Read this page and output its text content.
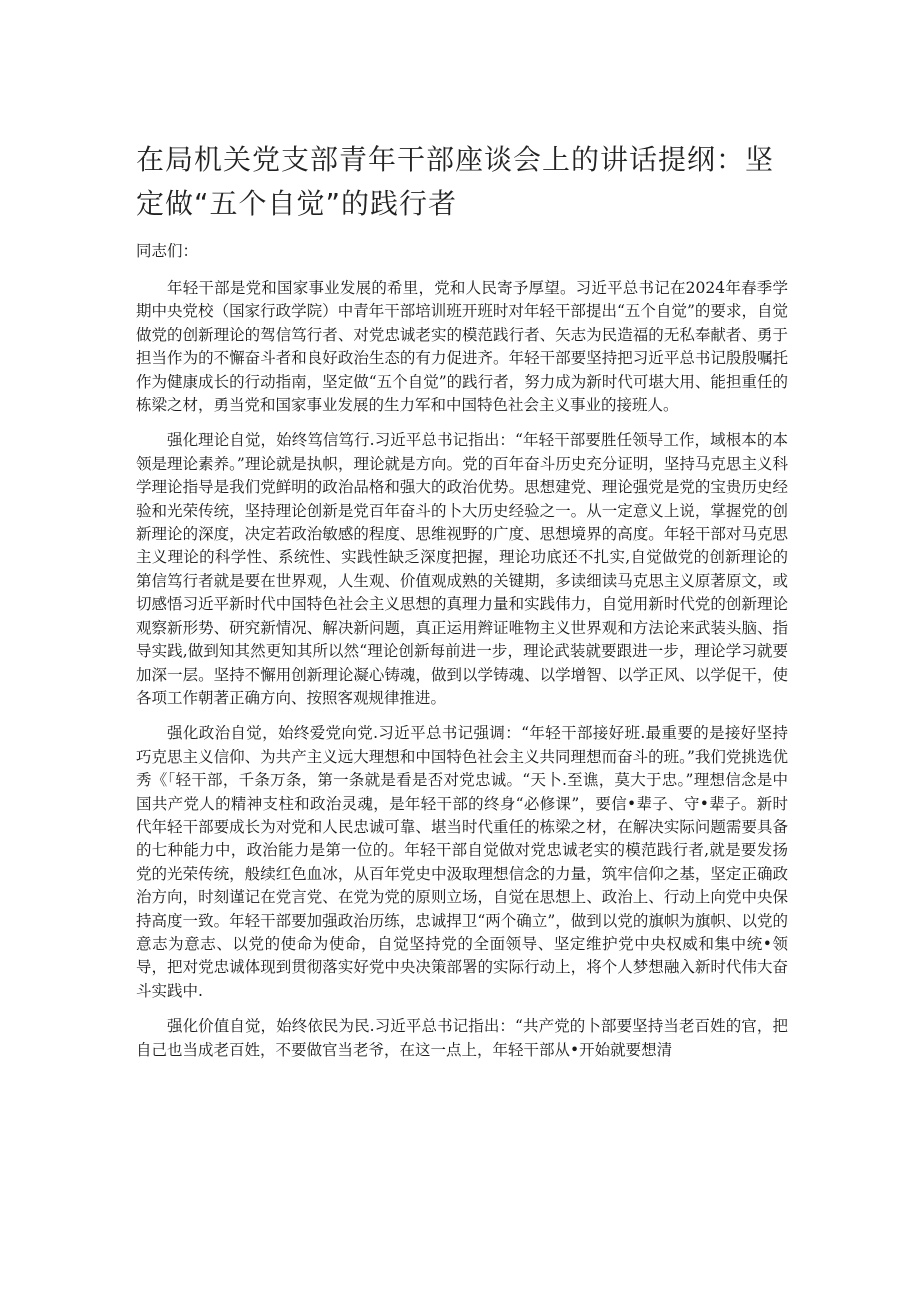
在局机关党支部青年干部座谈会上的讲话提纲：坚定做“五个自觉”的践行者

同志们：

年轻干部是党和国家事业发展的希里，党和人民寄予厚望。习近平总书记在2024年春季学期中央党校（国家行政学院）中青年干部培训班开班时对年轻干部提出“五个自觉”的要求，自觉做党的创新理论的驾信笃行者、对党忠诚老实的模范践行者、矢志为民造福的无私奉献者、勇于担当作为的不懈奋斗者和良好政治生态的有力促进齐。年轻干部要坚持把习近平总书记殷殷嘱托作为健康成长的行动指南，坚定做“五个自觉”的践行者，努力成为新时代可堪大用、能担重任的栋梁之材，勇当党和国家事业发展的生力军和中国特色社会主义事业的接班人。

强化理论自觉，始终笃信笃行.习近平总书记指出：“年轻干部要胜任领导工作，域根本的本领是理论素养。”理论就是执帜，理论就是方向。党的百年奋斗历史充分证明，坚持马克思主义科学理论指导是我们党鲜明的政治品格和强大的政治优势。思想建党、理论强党是党的宝贵历史经验和光荣传统，坚持理论创新是党百年奋斗的卜大历史经验之一。从一定意义上说，掌握党的创新理论的深度，决定若政治敏感的程度、思维视野的广度、思想境界的高度。年轻干部对马克思主义理论的科学性、系统性、实践性缺乏深度把握，理论功底还不扎实,自觉做党的创新理论的第信笃行者就是要在世界观，人生观、价值观成熟的关键期，多读细读马克思主义原著原文，或切感悟习近平新时代中国特色社会主义思想的真理力量和实践伟力，自觉用新时代党的创新理论观察新形势、研究新情况、解决新问题，真正运用辫证唯物主义世界观和方法论来武装头脑、指导实践,做到知其然更知其所以然“理论创新每前进一步，理论武装就要跟进一步，理论学习就要加深一层。坚持不懈用创新理论凝心铸魂，做到以学铸魂、以学增智、以学正风、以学促干，使各项工作朝著正确方向、按照客观规律推进。

强化政治自觉，始终爱党向党.习近平总书记强调：“年轻干部接好班.最重要的是接好坚持巧克思主义信仰、为共产主义远大理想和中国特色社会主义共同理想而奋斗的班。”我们党挑选优秀《「轻干部，千条万条，第一条就是看是否对党忠诚。“天卜.至谯，莫大于忠。”理想信念是中国共产党人的精神支柱和政治灵魂，是年轻干部的终身“必修课”，要信•辈子、守•辈子。新时代年轻干部要成长为对党和人民忠诚可靠、堪当时代重任的栋梁之材，在解决实际问题需要具备的七种能力中，政治能力是第一位的。年轻干部自觉做对党忠诚老实的模范践行者,就是要发扬党的光荣传统，般续红色血冰，从百年党史中汲取理想信念的力量，筑牢信仰之基，坚定正确政治方向，时刻谨记在党言党、在党为党的原则立场，自觉在思想上、政治上、行动上向党中央保持高度一致。年轻干部要加强政治历练，忠诚捍卫“两个确立”，做到以党的旗帜为旗帜、以党的意志为意志、以党的使命为使命，自觉坚持党的全面领导、坚定维护党中央权威和集中统•领导，把对党忠诚体现到贯彻落实好党中央决策部署的实际行动上，将个人梦想融入新时代伟大奋斗实践中.

强化价值自觉，始终依民为民.习近平总书记指出：“共产党的卜部要坚持当老百姓的官，把自己也当成老百姓，不要做官当老爷，在这一点上，年轻干部从•开始就要想清
